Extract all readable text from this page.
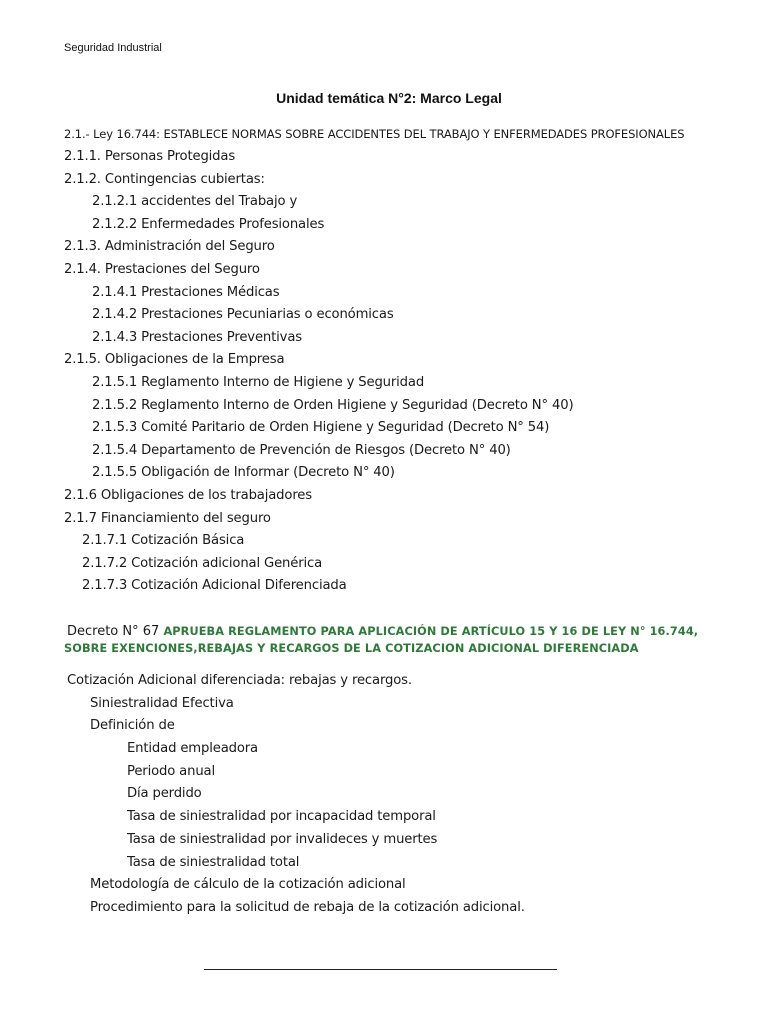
Seguridad Industrial
Unidad temática N°2: Marco Legal
2.1.- Ley 16.744: ESTABLECE NORMAS SOBRE ACCIDENTES DEL TRABAJO Y ENFERMEDADES PROFESIONALES
2.1.1. Personas Protegidas
2.1.2. Contingencias cubiertas:
2.1.2.1 accidentes del Trabajo y
2.1.2.2 Enfermedades Profesionales
2.1.3. Administración del Seguro
2.1.4. Prestaciones del Seguro
2.1.4.1 Prestaciones Médicas
2.1.4.2 Prestaciones Pecuniarias o económicas
2.1.4.3 Prestaciones Preventivas
2.1.5. Obligaciones de la Empresa
2.1.5.1 Reglamento Interno de Higiene y Seguridad
2.1.5.2 Reglamento Interno de Orden Higiene y Seguridad (Decreto N° 40)
2.1.5.3 Comité Paritario de Orden Higiene y Seguridad (Decreto N° 54)
2.1.5.4 Departamento de Prevención de Riesgos (Decreto N° 40)
2.1.5.5 Obligación de Informar (Decreto N° 40)
2.1.6 Obligaciones de los trabajadores
2.1.7 Financiamiento del seguro
2.1.7.1 Cotización Básica
2.1.7.2 Cotización adicional Genérica
2.1.7.3 Cotización Adicional Diferenciada
Decreto N° 67 APRUEBA REGLAMENTO PARA APLICACIÓN DE ARTÍCULO 15 Y 16 DE LEY N° 16.744, SOBRE EXENCIONES,REBAJAS Y RECARGOS DE LA COTIZACION ADICIONAL DIFERENCIADA
Cotización Adicional diferenciada: rebajas y recargos.
Siniestralidad Efectiva
Definición de
Entidad empleadora
Periodo anual
Día perdido
Tasa de siniestralidad por incapacidad temporal
Tasa de siniestralidad por invalideces y muertes
Tasa de siniestralidad total
Metodología de cálculo de la cotización adicional
Procedimiento para la solicitud de rebaja de la cotización adicional.
